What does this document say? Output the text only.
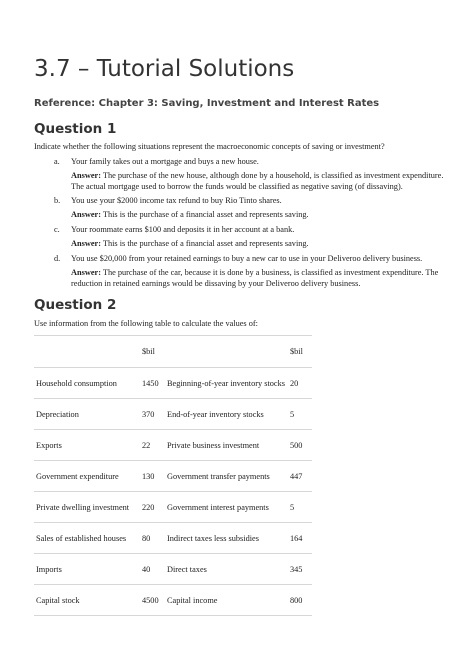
3.7 – Tutorial Solutions

Reference: Chapter 3: Saving, Investment and Interest Rates

Question 1

Indicate whether the following situations represent the macroeconomic concepts of saving or investment?

a. Your family takes out a mortgage and buys a new house.
Answer: The purchase of the new house, although done by a household, is classified as investment expenditure.
The actual mortgage used to borrow the funds would be classified as negative saving (of dissaving).
b. You use your $2000 income tax refund to buy Rio Tinto shares.
Answer: This is the purchase of a financial asset and represents saving.
c. Your roommate earns $100 and deposits it in her account at a bank.
Answer: This is the purchase of a financial asset and represents saving.
d. You use $20,000 from your retained earnings to buy a new car to use in your Deliveroo delivery business.
Answer: The purchase of the car, because it is done by a business, is classified as investment expenditure. The
reduction in retained earnings would be dissaving by your Deliveroo delivery business.
Question 2

Use information from the following table to calculate the values of:

	$bil		$bil
Household consumption	1450	Beginning-of-year inventory stocks	20
Depreciation	370	End-of-year inventory stocks	5
Exports	22	Private business investment	500
Government expenditure	130	Government transfer payments	447
Private dwelling investment	220	Government interest payments	5
Sales of established houses	80	Indirect taxes less subsidies	164
Imports	40	Direct taxes	345
Capital stock	4500	Capital income	800
